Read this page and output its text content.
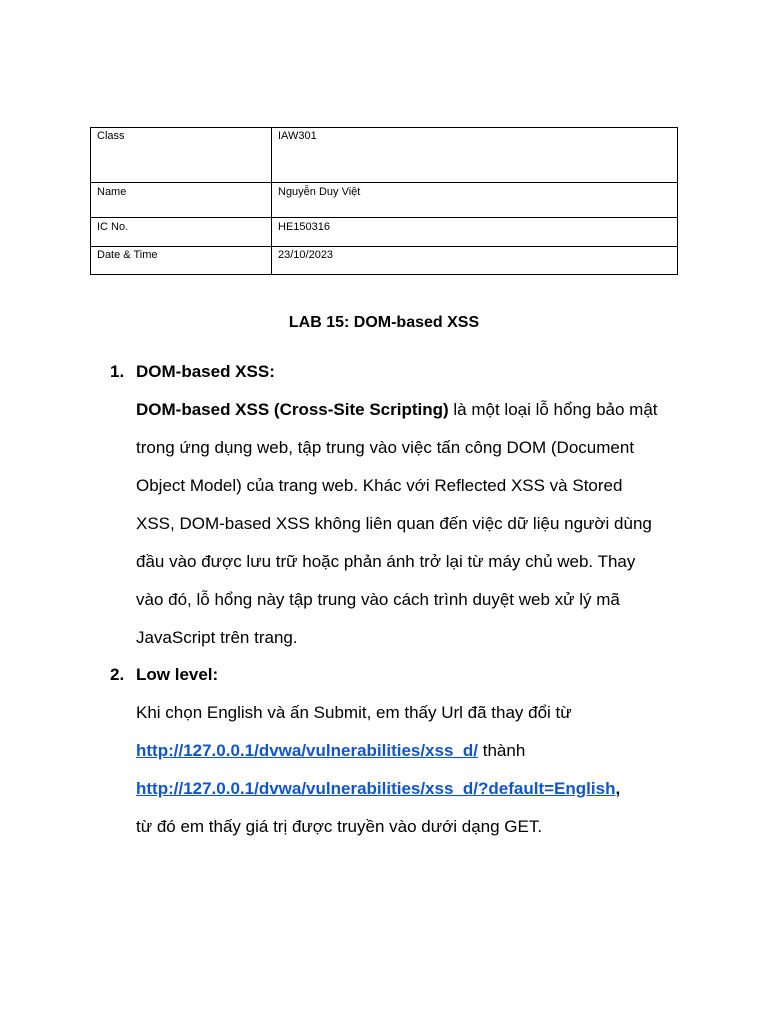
Class	IAW301
Name	Nguyễn Duy Việt
IC No.	HE150316
Date & Time	23/10/2023
LAB 15: DOM-based XSS
1. DOM-based XSS:
DOM-based XSS (Cross-Site Scripting) là một loại lỗ hổng bảo mật
trong ứng dụng web, tập trung vào việc tấn công DOM (Document
Object Model) của trang web. Khác với Reflected XSS và Stored
XSS, DOM-based XSS không liên quan đến việc dữ liệu người dùng
đầu vào được lưu trữ hoặc phản ánh trở lại từ máy chủ web. Thay
vào đó, lỗ hổng này tập trung vào cách trình duyệt web xử lý mã
JavaScript trên trang.
2. Low level:
Khi chọn English và ấn Submit, em thấy Url đã thay đổi từ
http://127.0.0.1/dvwa/vulnerabilities/xss_d/ thành
http://127.0.0.1/dvwa/vulnerabilities/xss_d/?default=English,
từ đó em thấy giá trị được truyền vào dưới dạng GET.
